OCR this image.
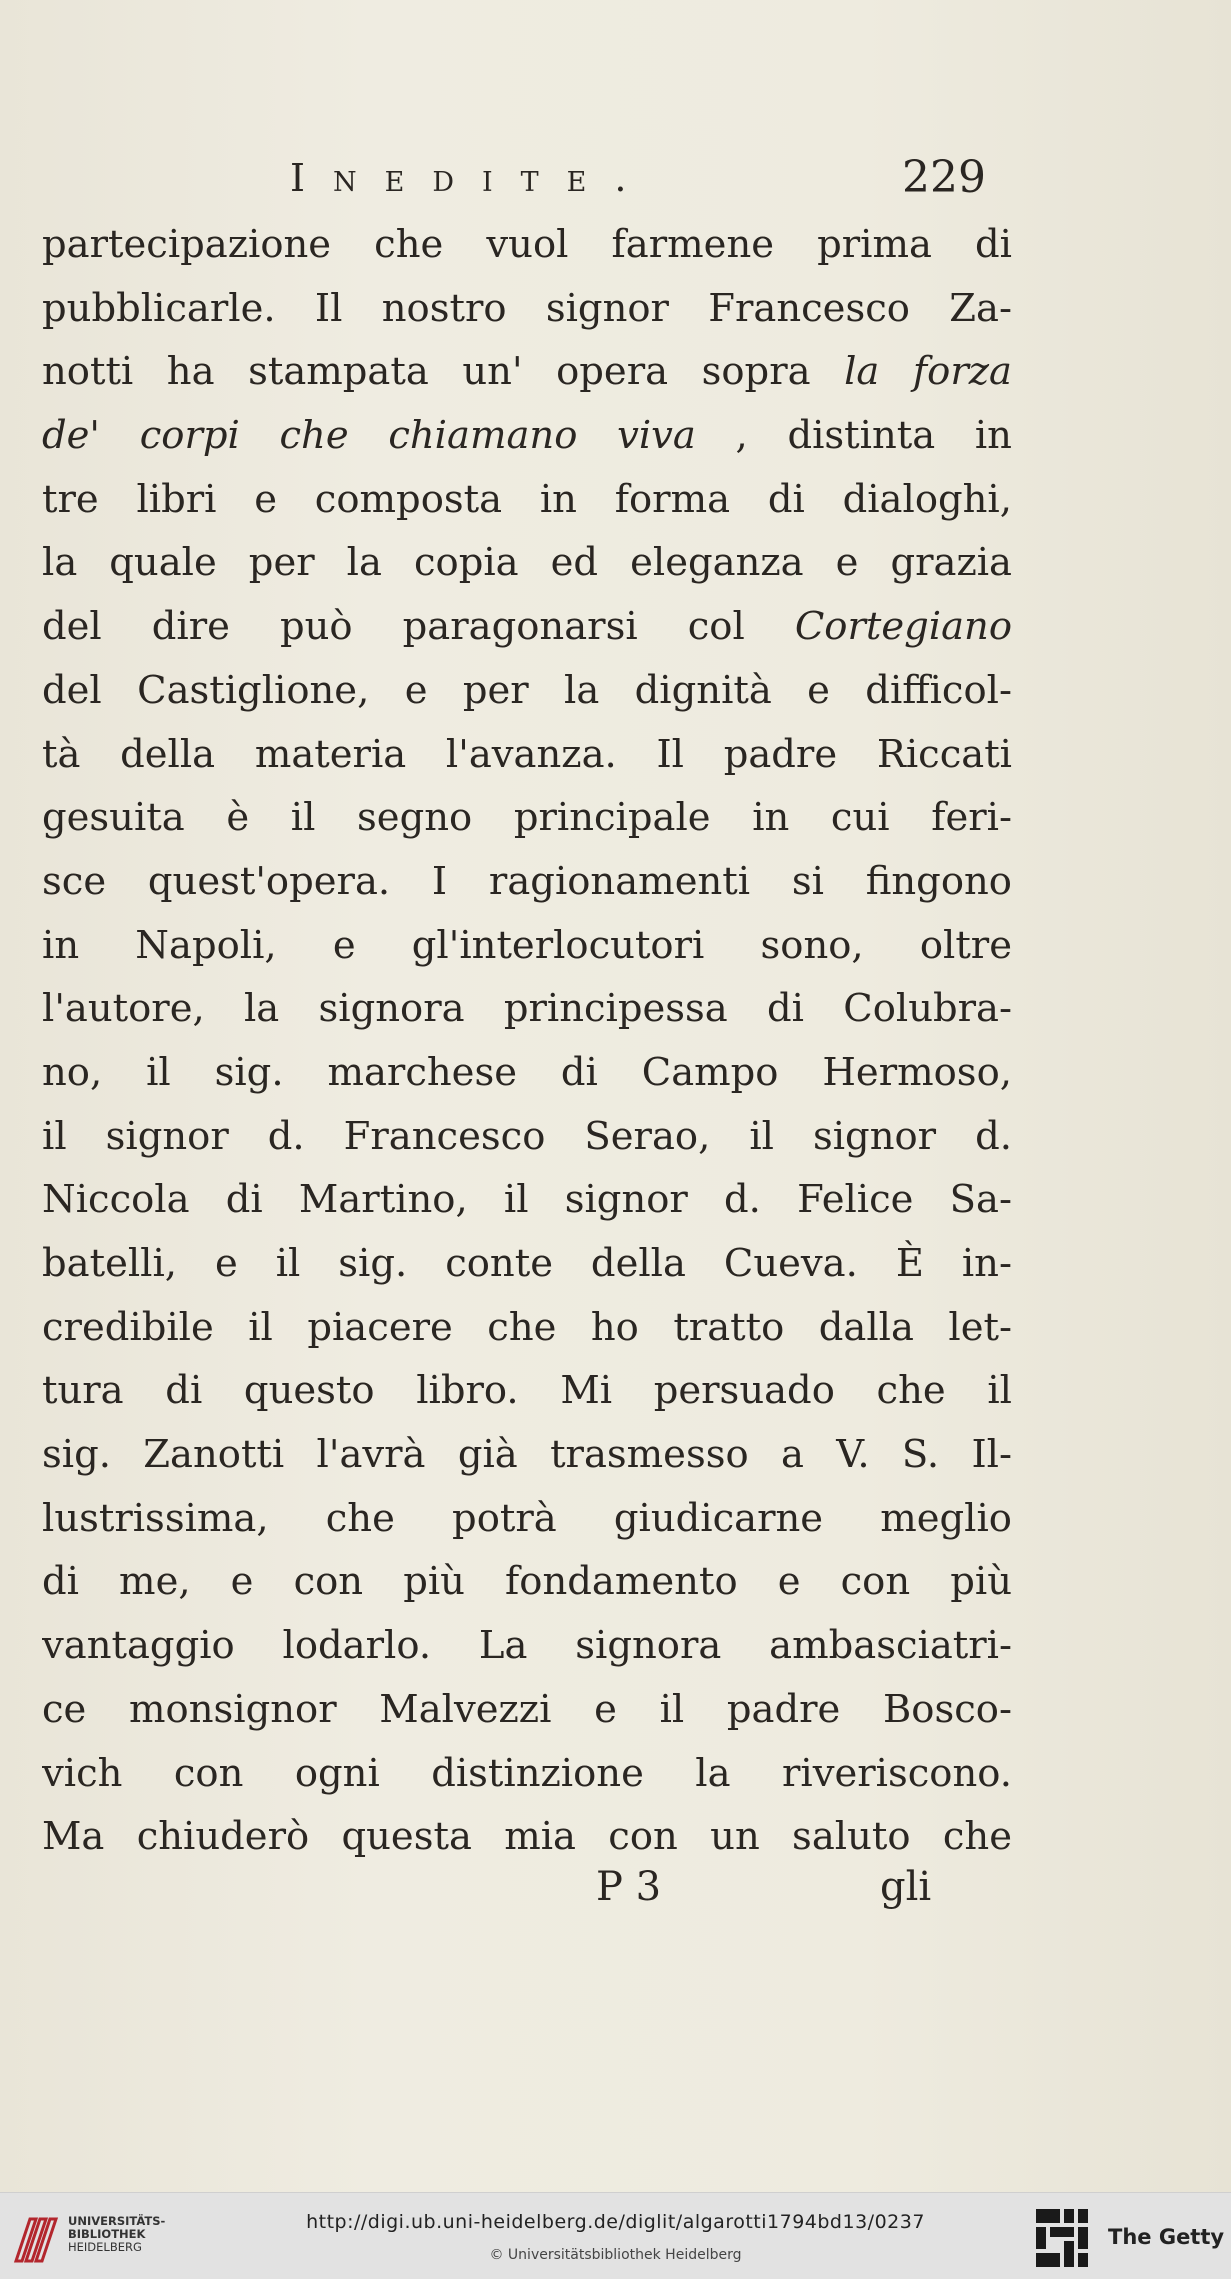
Inedite.	229
partecipazione che vuol farmene prima di
pubblicarle. Il nostro signor Francesco Za-
notti ha stampata un' opera sopra la forza
de' corpi che chiamano viva , distinta in
tre libri e composta in forma di dialoghi,
la quale per la copia ed eleganza e grazia
del dire può paragonarsi col Cortegiano
del Castiglione, e per la dignità e difficol-
tà della materia l'avanza. Il padre Riccati
gesuita è il segno principale in cui feri-
sce quest'opera. I ragionamenti si fingono
in Napoli, e gl'interlocutori sono, oltre
l'autore, la signora principessa di Colubra-
no, il sig. marchese di Campo Hermoso,
il signor d. Francesco Serao, il signor d.
Niccola di Martino, il signor d. Felice Sa-
batelli, e il sig. conte della Cueva. È in-
credibile il piacere che ho tratto dalla let-
tura di questo libro. Mi persuado che il
sig. Zanotti l'avrà già trasmesso a V. S. Il-
lustrissima, che potrà giudicarne meglio
di me, e con più fondamento e con più
vantaggio lodarlo. La signora ambasciatri-
ce monsignor Malvezzi e il padre Bosco-
vich con ogni distinzione la riveriscono.
Ma chiuderò questa mia con un saluto che
P 3	gli
UNIVERSITÄTS-
BIBLIOTHEK
HEIDELBERG
http://digi.ub.uni-heidelberg.de/diglit/algarotti1794bd13/0237
© Universitätsbibliothek Heidelberg
The Getty
